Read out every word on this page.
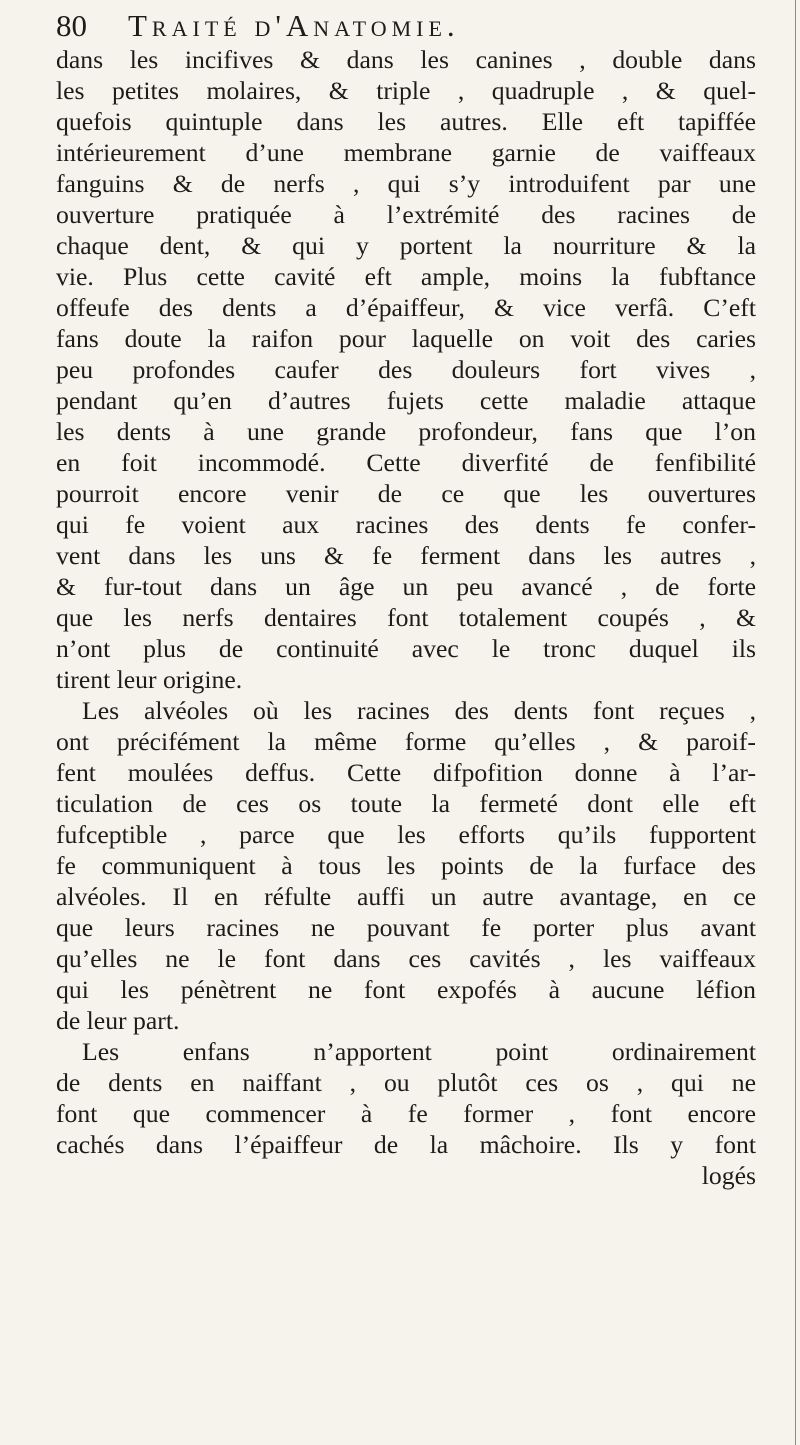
80 Traité d'Anatomie.
dans les incifives & dans les canines , double dans
les petites molaires, & triple , quadruple , & quel-
quefois quintuple dans les autres. Elle eft tapiffée
intérieurement d’une membrane garnie de vaiffeaux
fanguins & de nerfs , qui s’y introduifent par une
ouverture pratiquée à l’extrémité des racines de
chaque dent, & qui y portent la nourriture & la
vie. Plus cette cavité eft ample, moins la fubftance
offeufe des dents a d’épaiffeur, & vice verfâ. C’eft
fans doute la raifon pour laquelle on voit des caries
peu profondes caufer des douleurs fort vives ,
pendant qu’en d’autres fujets cette maladie attaque
les dents à une grande profondeur, fans que l’on
en foit incommodé. Cette diverfité de fenfibilité
pourroit encore venir de ce que les ouvertures
qui fe voient aux racines des dents fe confer-
vent dans les uns & fe ferment dans les autres ,
& fur-tout dans un âge un peu avancé , de forte
que les nerfs dentaires font totalement coupés , &
n’ont plus de continuité avec le tronc duquel ils
tirent leur origine.
Les alvéoles où les racines des dents font reçues ,
ont précifément la même forme qu’elles , & paroif-
fent moulées deffus. Cette difpofition donne à l’ar-
ticulation de ces os toute la fermeté dont elle eft
fufceptible , parce que les efforts qu’ils fupportent
fe communiquent à tous les points de la furface des
alvéoles. Il en réfulte auffi un autre avantage, en ce
que leurs racines ne pouvant fe porter plus avant
qu’elles ne le font dans ces cavités , les vaiffeaux
qui les pénètrent ne font expofés à aucune léfion
de leur part.
Les enfans n’apportent point ordinairement
de dents en naiffant , ou plutôt ces os , qui ne
font que commencer à fe former , font encore
cachés dans l’épaiffeur de la mâchoire. Ils y font
logés
